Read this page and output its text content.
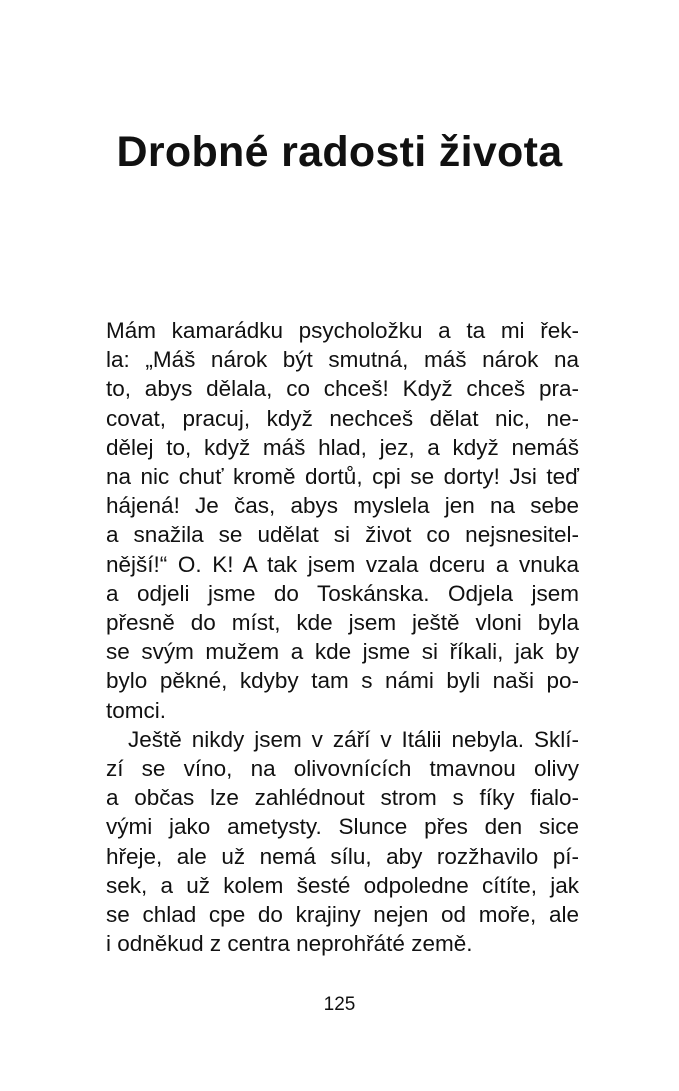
Drobné radosti života

Mám kamarádku psycholožku a ta mi řek-
la: „Máš nárok být smutná, máš nárok na
to, abys dělala, co chceš! Když chceš pra-
covat, pracuj, když nechceš dělat nic, ne-
dělej to, když máš hlad, jez, a když nemáš
na nic chuť kromě dortů, cpi se dorty! Jsi teď
hájená! Je čas, abys myslela jen na sebe
a snažila se udělat si život co nejsnesitel-
nější!“ O. K! A tak jsem vzala dceru a vnuka
a odjeli jsme do Toskánska. Odjela jsem
přesně do míst, kde jsem ještě vloni byla
se svým mužem a kde jsme si říkali, jak by
bylo pěkné, kdyby tam s námi byli naši po-
tomci.

Ještě nikdy jsem v září v Itálii nebyla. Sklí-
zí se víno, na olivovnících tmavnou olivy
a občas lze zahlédnout strom s fíky fialo-
vými jako ametysty. Slunce přes den sice
hřeje, ale už nemá sílu, aby rozžhavilo pí-
sek, a už kolem šesté odpoledne cítíte, jak
se chlad cpe do krajiny nejen od moře, ale
i odněkud z centra neprohřáté země.

125
